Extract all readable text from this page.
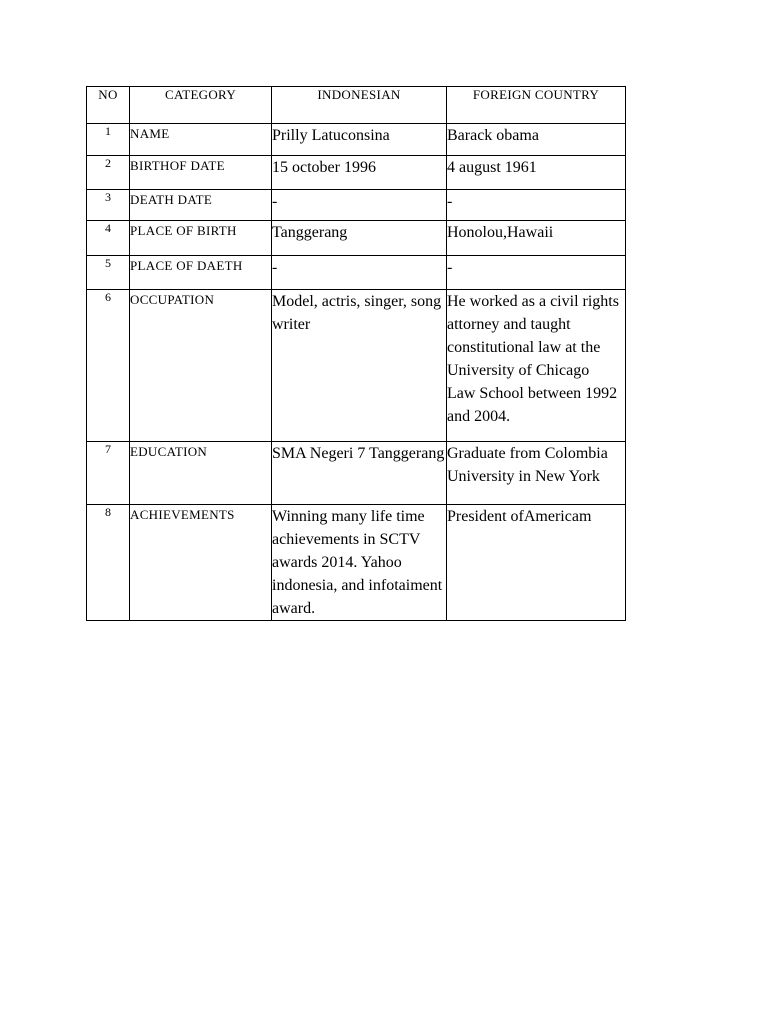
NO	CATEGORY	INDONESIAN	FOREIGN COUNTRY
1	NAME	Prilly Latuconsina	Barack obama
2	BIRTHOF DATE	15 october 1996	4 august 1961
3	DEATH DATE	-	-
4	PLACE OF BIRTH	Tanggerang	Honolou,Hawaii
5	PLACE OF DAETH	-	-
6	OCCUPATION	Model, actris, singer, song writer	He worked as a civil rights attorney and taught constitutional law at the University of Chicago Law School between 1992 and 2004.
7	EDUCATION	SMA Negeri 7 Tanggerang	Graduate from Colombia University in New York
8	ACHIEVEMENTS	Winning many life time achievements in SCTV awards 2014. Yahoo indonesia, and infotaiment award.	President ofAmericam
